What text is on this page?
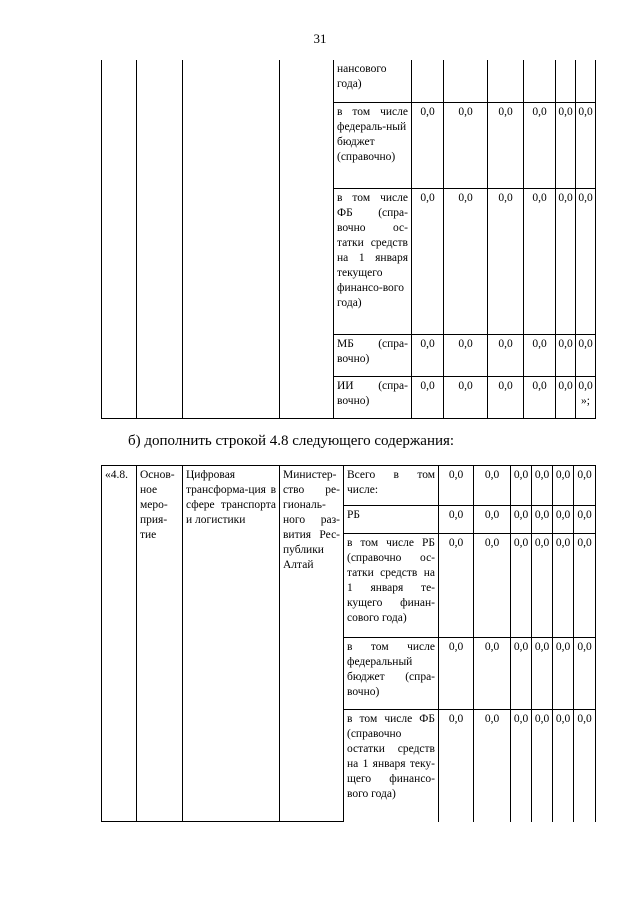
31
				нансового года)						
				в том числе федераль-ный бюджет (справочно)	0,0	0,0	0,0	0,0	0,0	0,0
				в том числе ФБ (спра-вочно ос-татки средств на 1 января текущего финансо-вого года)	0,0	0,0	0,0	0,0	0,0	0,0
				МБ (спра-вочно)	0,0	0,0	0,0	0,0	0,0	0,0
				ИИ (спра-вочно)	0,0	0,0	0,0	0,0	0,0	0,0 »;
б) дополнить строкой 4.8 следующего содержания:
«4.8.	Основ-ное меро-прия-тие	Цифровая трансформа-ция в сфере транспорта и логистики	Министер-ство ре-гиональ-ного раз-вития Рес-публики Алтай	Всего в том числе:	0,0	0,0	0,0	0,0	0,0	0,0
				РБ	0,0	0,0	0,0	0,0	0,0	0,0
				в том числе РБ (справочно ос-татки средств на 1 января те-кущего финан-сового года)	0,0	0,0	0,0	0,0	0,0	0,0
				в том числе федеральный бюджет (спра-вочно)	0,0	0,0	0,0	0,0	0,0	0,0
				в том числе ФБ (справочно остатки средств на 1 января теку-щего финансо-вого года)	0,0	0,0	0,0	0,0	0,0	0,0
